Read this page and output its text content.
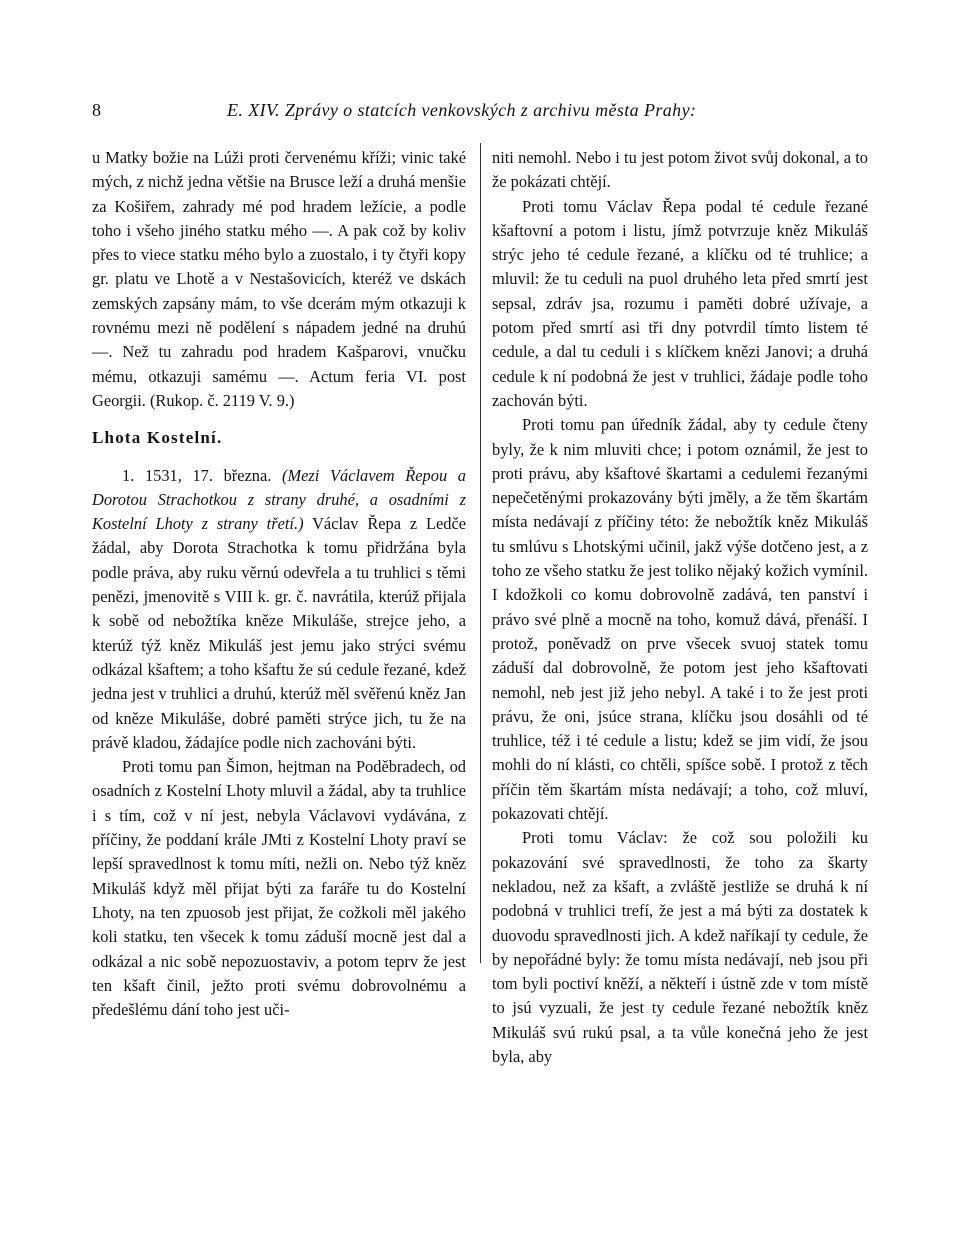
8	E. XIV. Zprávy o statcích venkovských z archivu města Prahy:

u Matky božie na Lúži proti červenému kříži; vinic také mých, z nichž jedna většie na Brusce leží a druhá menšie za Košiřem, zahrady mé pod hradem ležície, a podle toho i všeho jiného statku mého —. A pak což by koliv přes to viece statku mého bylo a zuostalo, i ty čtyři kopy gr. platu ve Lhotě a v Nestašovicích, kteréž ve dskách zemských zapsány mám, to vše dcerám mým otkazuji k rovnému mezi ně podělení s nápadem jedné na druhú —. Než tu zahradu pod hradem Kašparovi, vnučku mému, otkazuji samému —. Actum feria VI. post Georgii. (Rukop. č. 2119 V. 9.)

Lhota Kostelní.

1. 1531, 17. března. (Mezi Václavem Řepou a Dorotou Strachotkou z strany druhé, a osadními z Kostelní Lhoty z strany třetí.) Václav Řepa z Ledče žádal, aby Dorota Strachotka k tomu přidržána byla podle práva, aby ruku věrnú odevřela a tu truhlici s těmi penězi, jmenovitě s VIII k. gr. č. navrátila, kterúž přijala k sobě od nebožtíka kněze Mikuláše, strejce jeho, a kterúž týž kněz Mikuláš jest jemu jako strýci svému odkázal kšaftem; a toho kšaftu že sú cedule řezané, kdež jedna jest v truhlici a druhú, kterúž měl svěřenú kněz Jan od kněze Mikuláše, dobré paměti strýce jich, tu že na právě kladou, žádajíce podle nich zachováni býti.

Proti tomu pan Šimon, hejtman na Poděbradech, od osadních z Kostelní Lhoty mluvil a žádal, aby ta truhlice i s tím, což v ní jest, nebyla Václavovi vydávána, z příčiny, že poddaní krále JMti z Kostelní Lhoty praví se lepší spravedlnost k tomu míti, nežli on. Nebo týž kněz Mikuláš když měl přijat býti za faráře tu do Kostelní Lhoty, na ten zpuosob jest přijat, že cožkoli měl jakého koli statku, ten všecek k tomu záduší mocně jest dal a odkázal a nic sobě nepozuostaviv, a potom teprv že jest ten kšaft činil, ježto proti svému dobrovolnému a předešlému dání toho jest uči-

niti nemohl. Nebo i tu jest potom život svůj dokonal, a to že pokázati chtějí.

Proti tomu Václav Řepa podal té cedule řezané kšaftovní a potom i listu, jímž potvrzuje kněz Mikuláš strýc jeho té cedule řezané, a klíčku od té truhlice; a mluvil: že tu ceduli na puol druhého leta před smrtí jest sepsal, zdráv jsa, rozumu i paměti dobré užívaje, a potom před smrtí asi tři dny potvrdil tímto listem té cedule, a dal tu ceduli i s klíčkem knězi Janovi; a druhá cedule k ní podobná že jest v truhlici, žádaje podle toho zachován býti.

Proti tomu pan úředník žádal, aby ty cedule čteny byly, že k nim mluviti chce; i potom oznámil, že jest to proti právu, aby kšaftové škartami a cedulemi řezanými nepečetěnými prokazovány býti jměly, a že těm škartám místa nedávají z příčiny této: že nebožtík kněz Mikuláš tu smlúvu s Lhotskými učinil, jakž výše dotčeno jest, a z toho ze všeho statku že jest toliko nějaký kožich vymínil. I kdožkoli co komu dobrovolně zadává, ten panství i právo své plně a mocně na toho, komuž dává, přenáší. I protož, poněvadž on prve všecek svuoj statek tomu záduší dal dobrovolně, že potom jest jeho kšaftovati nemohl, neb jest již jeho nebyl. A také i to že jest proti právu, že oni, jsúce strana, klíčku jsou dosáhli od té truhlice, též i té cedule a listu; kdež se jim vidí, že jsou mohli do ní klásti, co chtěli, spíšce sobě. I protož z těch příčin těm škartám místa nedávají; a toho, což mluví, pokazovati chtějí.

Proti tomu Václav: že což sou položili ku pokazování své spravedlnosti, že toho za škarty nekladou, než za kšaft, a zvláště jestliže se druhá k ní podobná v truhlici trefí, že jest a má býti za dostatek k duovodu spravedlnosti jich. A kdež naříkají ty cedule, že by nepořádné byly: že tomu místa nedávají, neb jsou při tom byli poctiví kněží, a někteří i ústně zde v tom místě to jsú vyzuali, že jest ty cedule řezané nebožtík kněz Mikuláš svú rukú psal, a ta vůle konečná jeho že jest byla, aby
